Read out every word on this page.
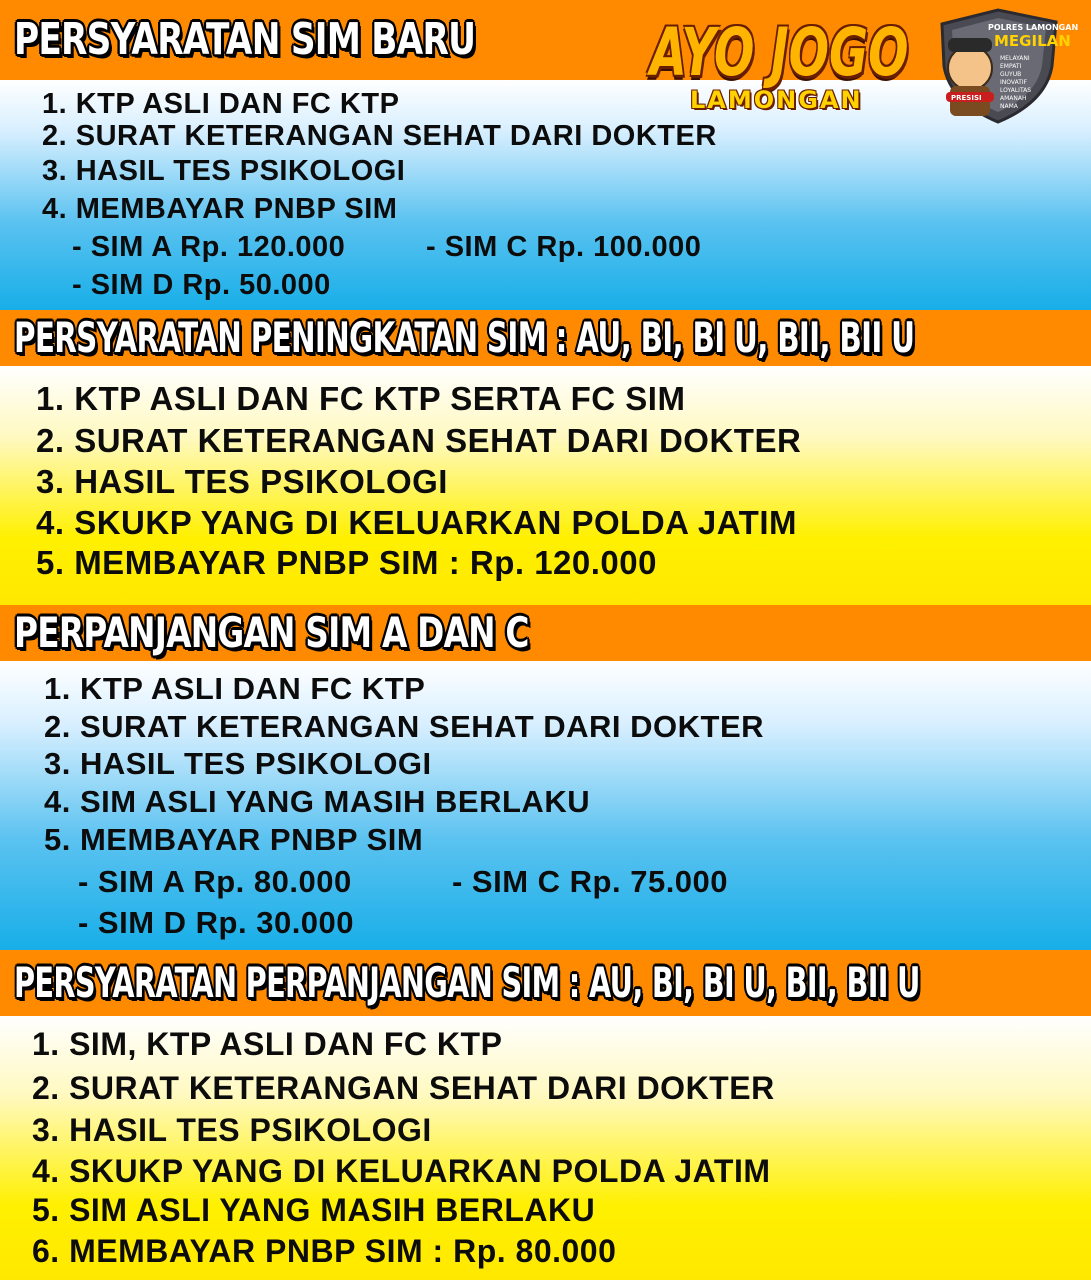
PERSYARATAN SIM BARU
1. KTP ASLI DAN FC KTP
2. SURAT KETERANGAN SEHAT DARI DOKTER
3. HASIL TES PSIKOLOGI
4. MEMBAYAR PNBP SIM
- SIM A Rp. 120.000	- SIM C Rp. 100.000
- SIM D Rp. 50.000
AYO JOGO
LAMONGAN	PRESISI
POLRES LAMONGAN
MEGILAN
MELAYANI
EMPATI
GUYUB
INOVATIF
LOYALITAS
AMANAH
NAMA
PERSYARATAN PENINGKATAN SIM : AU, BI, BI U, BII, BII U
1. KTP ASLI DAN FC KTP SERTA FC SIM
2. SURAT KETERANGAN SEHAT DARI DOKTER
3. HASIL TES PSIKOLOGI
4. SKUKP YANG DI KELUARKAN POLDA JATIM
5. MEMBAYAR PNBP SIM : Rp. 120.000
PERPANJANGAN SIM A DAN C
1. KTP ASLI DAN FC KTP
2. SURAT KETERANGAN SEHAT DARI DOKTER
3. HASIL TES PSIKOLOGI
4. SIM ASLI YANG MASIH BERLAKU
5. MEMBAYAR PNBP SIM
- SIM A Rp. 80.000	- SIM C Rp. 75.000
- SIM D Rp. 30.000
PERSYARATAN PERPANJANGAN SIM : AU, BI, BI U, BII, BII U
1. SIM, KTP ASLI DAN FC KTP
2. SURAT KETERANGAN SEHAT DARI DOKTER
3. HASIL TES PSIKOLOGI
4. SKUKP YANG DI KELUARKAN POLDA JATIM
5. SIM ASLI YANG MASIH BERLAKU
6. MEMBAYAR PNBP SIM : Rp. 80.000
